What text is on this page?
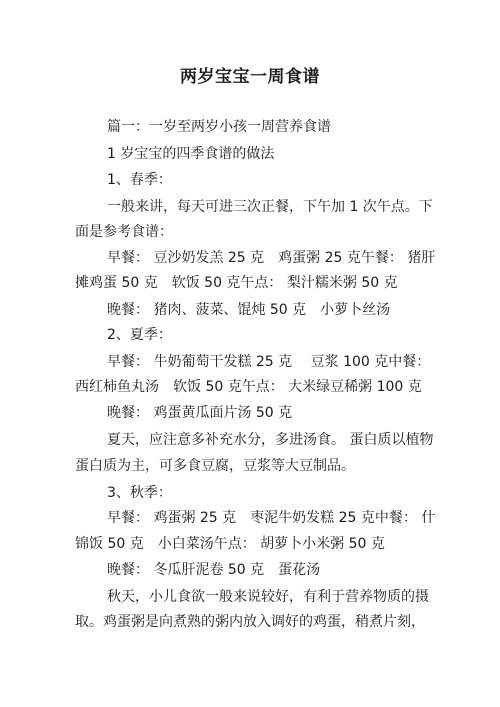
两岁宝宝一周食谱
篇一：一岁至两岁小孩一周营养食谱
1 岁宝宝的四季食谱的做法
1、春季：
一般来讲，每天可进三次正餐，下午加 1 次午点。下
面是参考食谱：
早餐： 豆沙奶发羔 25 克　鸡蛋粥 25 克午餐： 猪肝
摊鸡蛋 50 克　软饭 50 克午点： 梨汁糯米粥 50 克
晚餐： 猪肉、菠菜、馄炖 50 克　小萝卜丝汤
2、夏季：
早餐： 牛奶葡萄干发糕 25 克　 豆浆 100 克中餐：
西红柿鱼丸汤　软饭 50 克午点： 大米绿豆稀粥 100 克
晚餐： 鸡蛋黄瓜面片汤 50 克
夏天，应注意多补充水分，多进汤食。 蛋白质以植物
蛋白质为主，可多食豆腐，豆浆等大豆制品。
3、秋季：
早餐： 鸡蛋粥 25 克　枣泥牛奶发糕 25 克中餐： 什
锦饭 50 克　小白菜汤午点： 胡萝卜小米粥 50 克
晚餐： 冬瓜肝泥卷 50 克　蛋花汤
秋天，小儿食欲一般来说较好，有利于营养物质的摄
取。鸡蛋粥是向煮熟的粥内放入调好的鸡蛋，稍煮片刻，
